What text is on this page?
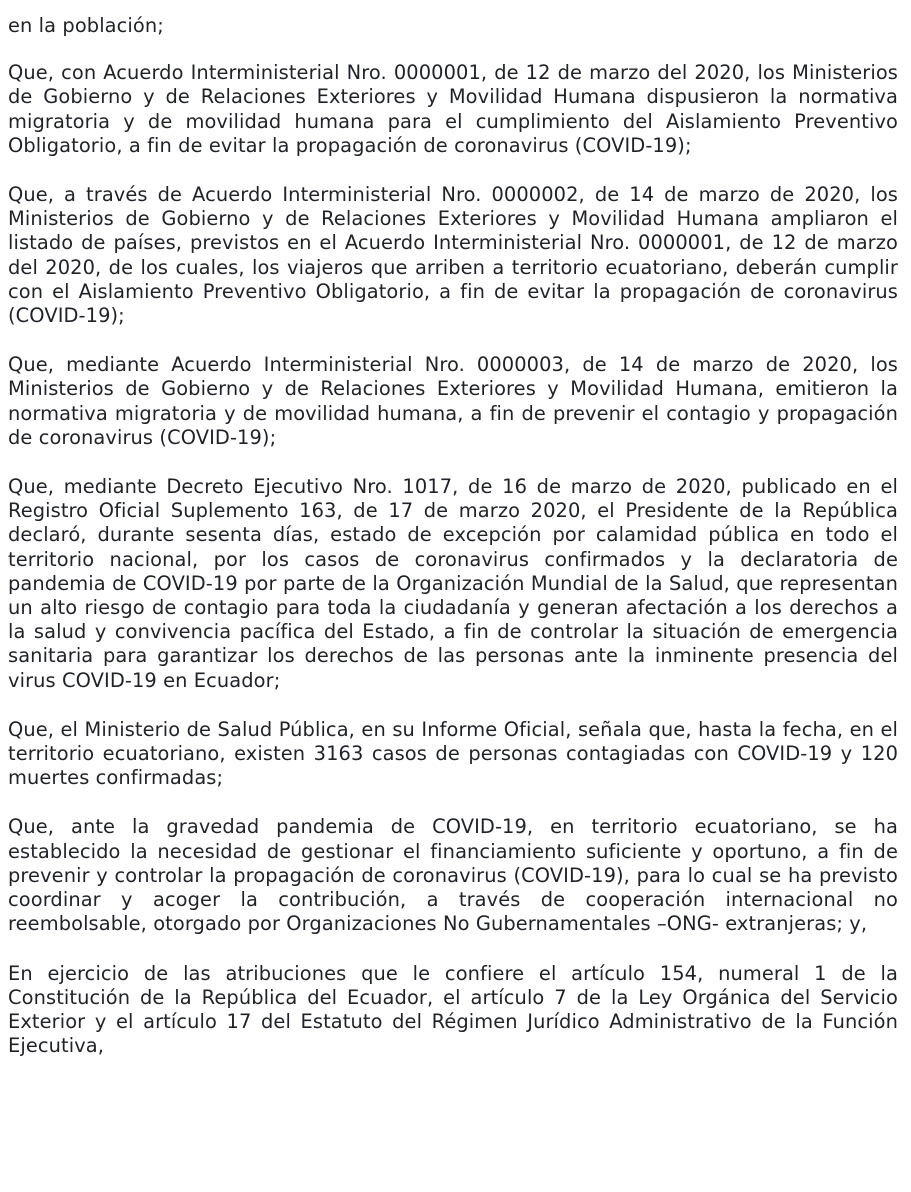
en la población;

Que, con Acuerdo Interministerial Nro. 0000001, de 12 de marzo del 2020, los Ministerios de Gobierno y de Relaciones Exteriores y Movilidad Humana dispusieron la normativa migratoria y de movilidad humana para el cumplimiento del Aislamiento Preventivo Obligatorio, a fin de evitar la propagación de coronavirus (COVID-19);

Que, a través de Acuerdo Interministerial Nro. 0000002, de 14 de marzo de 2020, los Ministerios de Gobierno y de Relaciones Exteriores y Movilidad Humana ampliaron el listado de países, previstos en el Acuerdo Interministerial Nro. 0000001, de 12 de marzo del 2020, de los cuales, los viajeros que arriben a territorio ecuatoriano, deberán cumplir con el Aislamiento Preventivo Obligatorio, a fin de evitar la propagación de coronavirus (COVID-19);

Que, mediante Acuerdo Interministerial Nro. 0000003, de 14 de marzo de 2020, los Ministerios de Gobierno y de Relaciones Exteriores y Movilidad Humana, emitieron la normativa migratoria y de movilidad humana, a fin de prevenir el contagio y propagación de coronavirus (COVID-19);

Que, mediante Decreto Ejecutivo Nro. 1017, de 16 de marzo de 2020, publicado en el Registro Oficial Suplemento 163, de 17 de marzo 2020, el Presidente de la República declaró, durante sesenta días, estado de excepción por calamidad pública en todo el territorio nacional, por los casos de coronavirus confirmados y la declaratoria de pandemia de COVID-19 por parte de la Organización Mundial de la Salud, que representan un alto riesgo de contagio para toda la ciudadanía y generan afectación a los derechos a la salud y convivencia pacífica del Estado, a fin de controlar la situación de emergencia sanitaria para garantizar los derechos de las personas ante la inminente presencia del virus COVID-19 en Ecuador;

Que, el Ministerio de Salud Pública, en su Informe Oficial, señala que, hasta la fecha, en el territorio ecuatoriano, existen 3163 casos de personas contagiadas con COVID-19 y 120 muertes confirmadas;

Que, ante la gravedad pandemia de COVID-19, en territorio ecuatoriano, se ha establecido la necesidad de gestionar el financiamiento suficiente y oportuno, a fin de prevenir y controlar la propagación de coronavirus (COVID-19), para lo cual se ha previsto coordinar y acoger la contribución, a través de cooperación internacional no reembolsable, otorgado por Organizaciones No Gubernamentales –ONG- extranjeras; y,

En ejercicio de las atribuciones que le confiere el artículo 154, numeral 1 de la Constitución de la República del Ecuador, el artículo 7 de la Ley Orgánica del Servicio Exterior y el artículo 17 del Estatuto del Régimen Jurídico Administrativo de la Función Ejecutiva,
